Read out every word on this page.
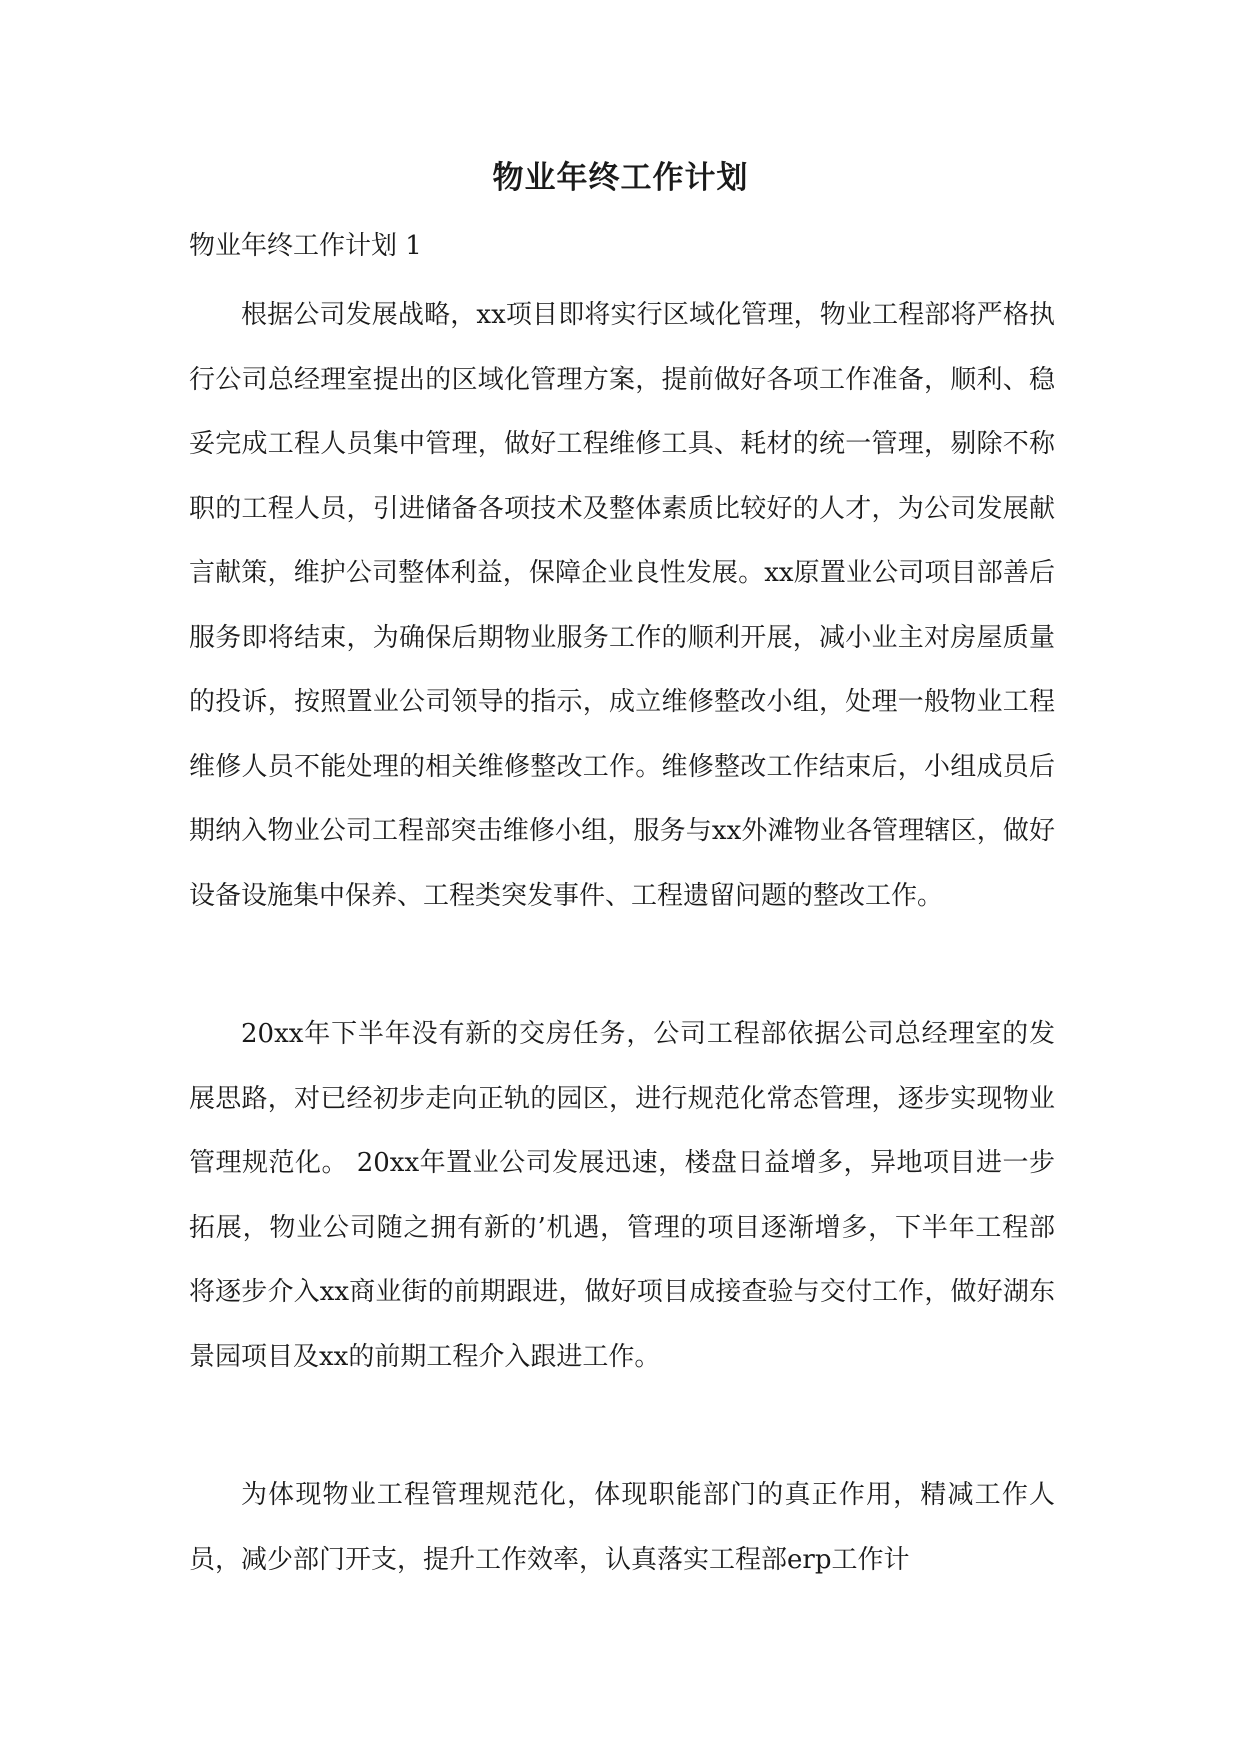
物业年终工作计划
物业年终工作计划 1

根据公司发展战略，xx项目即将实行区域化管理，物业工程部将严格执行公司总经理室提出的区域化管理方案，提前做好各项工作准备，顺利、稳妥完成工程人员集中管理，做好工程维修工具、耗材的统一管理，剔除不称职的工程人员，引进储备各项技术及整体素质比较好的人才，为公司发展献言献策，维护公司整体利益，保障企业良性发展。xx原置业公司项目部善后服务即将结束，为确保后期物业服务工作的顺利开展，减小业主对房屋质量的投诉，按照置业公司领导的指示，成立维修整改小组，处理一般物业工程维修人员不能处理的相关维修整改工作。维修整改工作结束后，小组成员后期纳入物业公司工程部突击维修小组，服务与xx外滩物业各管理辖区，做好设备设施集中保养、工程类突发事件、工程遗留问题的整改工作。

20xx年下半年没有新的交房任务，公司工程部依据公司总经理室的发展思路，对已经初步走向正轨的园区，进行规范化常态管理，逐步实现物业管理规范化。 20xx年置业公司发展迅速，楼盘日益增多，异地项目进一步拓展，物业公司随之拥有新的’机遇，管理的项目逐渐增多，下半年工程部将逐步介入xx商业街的前期跟进，做好项目成接查验与交付工作，做好湖东景园项目及xx的前期工程介入跟进工作。

为体现物业工程管理规范化，体现职能部门的真正作用，精减工作人员，减少部门开支，提升工作效率，认真落实工程部erp工作计
